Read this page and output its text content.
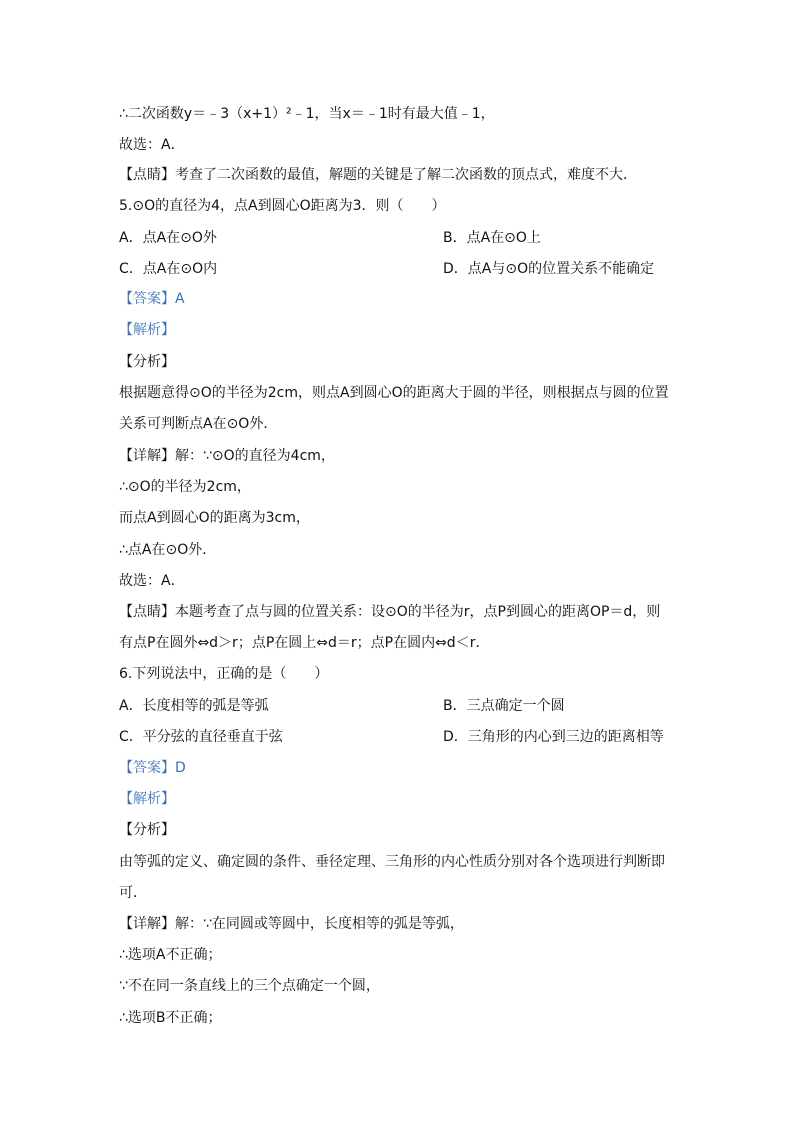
∴二次函数y＝﹣3（x+1）²﹣1，当x＝﹣1时有最大值﹣1，
故选：A．
【点睛】考查了二次函数的最值，解题的关键是了解二次函数的顶点式，难度不大．
5.⊙O的直径为4，点A到圆心O距离为3．则（　　）
A．点A在⊙O外	B．点A在⊙O上
C．点A在⊙O内	D．点A与⊙O的位置关系不能确定
【答案】A
【解析】
【分析】
根据题意得⊙O的半径为2cm，则点A到圆心O的距离大于圆的半径，则根据点与圆的位置
关系可判断点A在⊙O外．
【详解】解：∵⊙O的直径为4cm，
∴⊙O的半径为2cm，
而点A到圆心O的距离为3cm，
∴点A在⊙O外．
故选：A．
【点睛】本题考查了点与圆的位置关系：设⊙O的半径为r，点P到圆心的距离OP＝d，则
有点P在圆外⇔d＞r；点P在圆上⇔d＝r；点P在圆内⇔d＜r．
6.下列说法中，正确的是（　　）
A．长度相等的弧是等弧	B．三点确定一个圆
C．平分弦的直径垂直于弦	D．三角形的内心到三边的距离相等
【答案】D
【解析】
【分析】
由等弧的定义、确定圆的条件、垂径定理、三角形的内心性质分别对各个选项进行判断即
可．
【详解】解：∵在同圆或等圆中，长度相等的弧是等弧，
∴选项A不正确；
∵不在同一条直线上的三个点确定一个圆，
∴选项B不正确；
